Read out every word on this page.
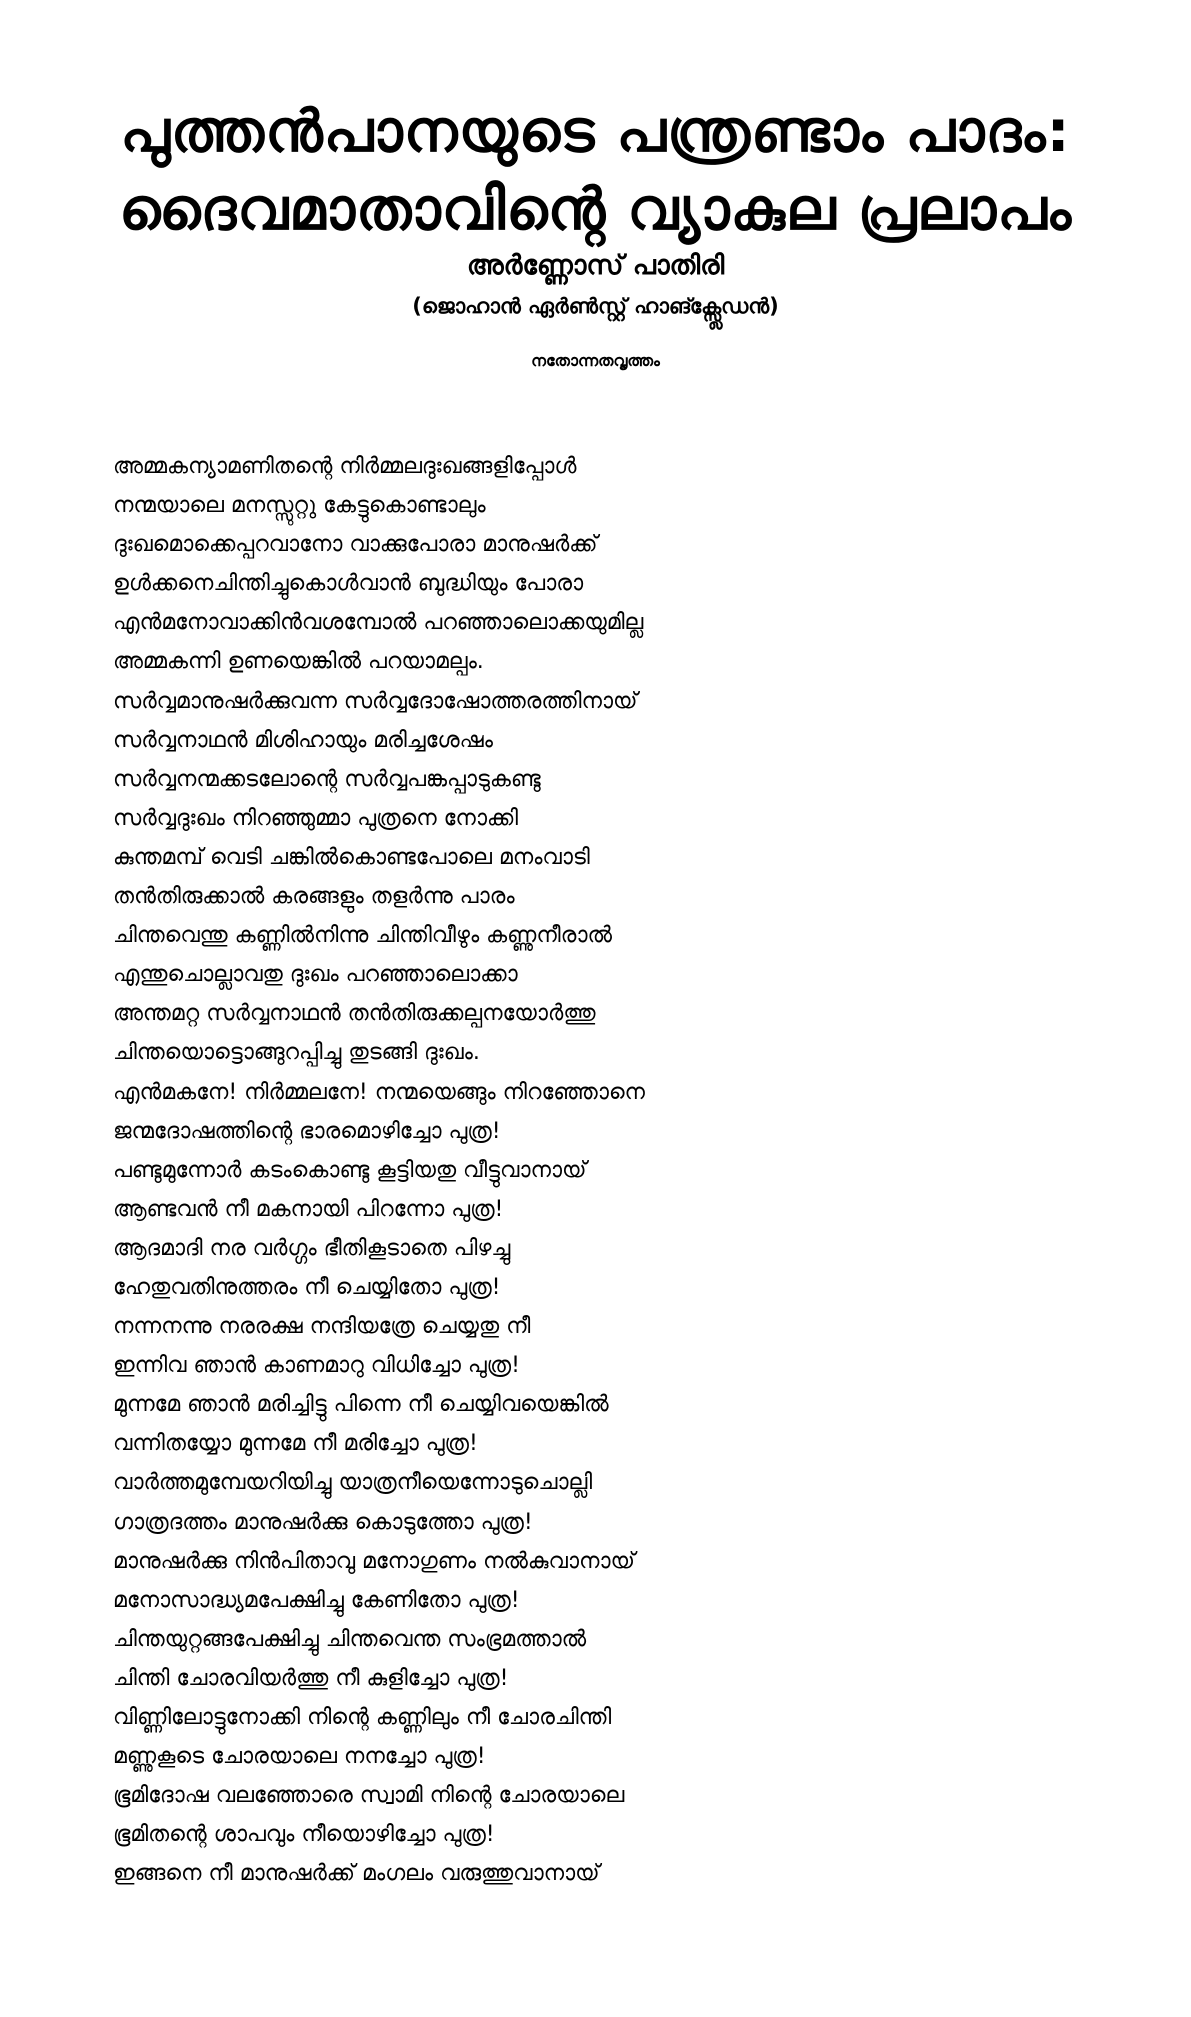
പുത്തൻപാനയുടെ പന്ത്രണ്ടാം പാദം:
ദൈവമാതാവിന്റെ വ്യാകുല പ്രലാപം
അർണ്ണോസ് പാതിരി
(ജൊഹാൻ ഏർൺസ്റ്റ് ഹാങ്ക്സ്ലേഡൻ)
നതോന്നതവൃത്തം
അമ്മകന്യാമണിതന്റെ നിർമ്മലദുഃഖങ്ങളിപ്പോൾ
നന്മയാലെ മനസ്സുറ്റു കേട്ടുകൊണ്ടാലും
ദുഃഖമൊക്കെപ്പറവാനോ വാക്കുപോരാ മാനുഷർക്ക്
ഉൾക്കനെചിന്തിച്ചുകൊൾവാൻ ബുദ്ധിയും പോരാ
എൻമനോവാക്കിൻവശമ്പോൽ പറഞ്ഞാലൊക്കയുമില്ല
അമ്മകന്നി ഉണയെങ്കിൽ പറയാമല്പം.
സർവ്വമാനുഷർക്കുവന്ന സർവ്വദോഷോത്തരത്തിനായ്
സർവ്വനാഥൻ മിശിഹായും മരിച്ചശേഷം
സർവ്വനന്മക്കടലോന്റെ സർവ്വപങ്കപ്പാടുകണ്ടു
സർവ്വദുഃഖം നിറഞ്ഞുമ്മാ പുത്രനെ നോക്കി
കുന്തമമ്പ് വെടി ചങ്കിൽകൊണ്ടപോലെ മനംവാടി
തൻതിരുക്കാൽ കരങ്ങളും തളർന്നു പാരം
ചിന്തവെന്തു കണ്ണിൽനിന്നു ചിന്തിവീഴും കണ്ണുനീരാൽ
എന്തുചൊല്ലാവതു ദുഃഖം പറഞ്ഞാലൊക്കാ
അന്തമറ്റ സർവ്വനാഥൻ തൻതിരുക്കല്പനയോർത്തു
ചിന്തയൊട്ടൊങ്ങുറപ്പിച്ചു തുടങ്ങി ദുഃഖം.
എൻമകനേ! നിർമ്മലനേ! നന്മയെങ്ങും നിറഞ്ഞോനെ
ജന്മദോഷത്തിന്റെ ഭാരമൊഴിച്ചോ പുത്ര!
പണ്ടുമുന്നോർ കടംകൊണ്ടു കൂട്ടിയതു വീട്ടുവാനായ്
ആണ്ടവൻ നീ മകനായി പിറന്നോ പുത്ര!
ആദമാദി നര വർഗ്ഗം ഭീതികൂടാതെ പിഴച്ചു
ഹേതുവതിനുത്തരം നീ ചെയ്യിതോ പുത്ര!
നന്നനന്നു നരരക്ഷ നന്ദിയത്രേ ചെയ്യതു നീ
ഇന്നിവ ഞാൻ കാണമാറു വിധിച്ചോ പുത്ര!
മുന്നമേ ഞാൻ മരിച്ചിട്ടു പിന്നെ നീ ചെയ്യിവയെങ്കിൽ
വന്നിതയ്യോ മുന്നമേ നീ മരിച്ചോ പുത്ര!
വാർത്തമുമ്പേയറിയിച്ചു യാത്രനീയെന്നോടുചൊല്ലി
ഗാത്രദത്തം മാനുഷർക്കു കൊടുത്തോ പുത്ര!
മാനുഷർക്കു നിൻപിതാവു മനോഗുണം നൽകുവാനായ്
മനോസാദ്ധ്യമപേക്ഷിച്ചു കേണിതോ പുത്ര!
ചിന്തയുറ്റങ്ങപേക്ഷിച്ചു ചിന്തവെന്ത സംഭ്രമത്താൽ
ചിന്തി ചോരവിയർത്തു നീ കുളിച്ചോ പുത്ര!
വിണ്ണിലോട്ടുനോക്കി നിന്റെ കണ്ണിലും നീ ചോരചിന്തി
മണ്ണുകൂടെ ചോരയാലെ നനച്ചോ പുത്ര!
ഭൂമിദോഷ വലഞ്ഞോരെ സ്വാമി നിന്റെ ചോരയാലെ
ഭൂമിതന്റെ ശാപവും നീയൊഴിച്ചോ പുത്ര!
ഇങ്ങനെ നീ മാനുഷർക്ക് മംഗലം വരുത്തുവാനായ്
